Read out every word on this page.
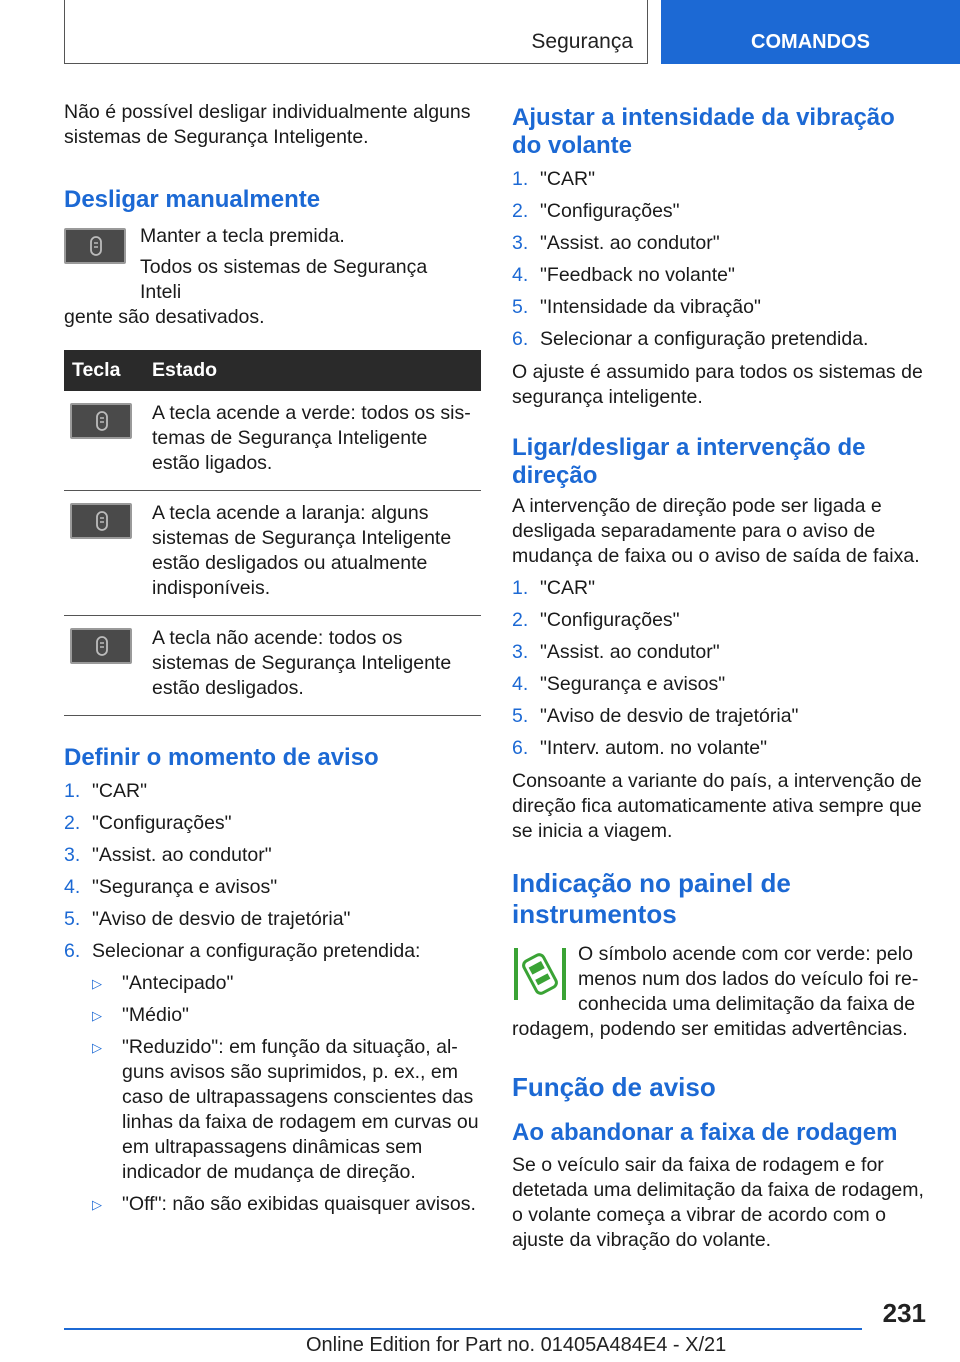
Segurança	COMANDOS

Não é possível desligar individualmente alguns sistemas de Segurança Inteligente.

Desligar manualmente

Manter a tecla premida.

Todos os sistemas de Segurança Inteli

gente são desativados.

Tecla	Estado

	A tecla acende a verde: todos os sistemas de Segurança Inteligente estão ligados.

	A tecla acende a laranja: alguns sistemas de Segurança Inteligente estão desligados ou atualmente indisponíveis.

	A tecla não acende: todos os sistemas de Segurança Inteligente estão desligados.
Definir o momento de aviso
1. "CAR"
2. "Configurações"
3. "Assist. ao condutor"
4. "Segurança e avisos"
5. "Aviso de desvio de trajetória"
6. Selecionar a configuração pretendida:
▷	"Antecipado"
▷	"Médio"
▷	"Reduzido": em função da situação, alguns avisos são suprimidos, p. ex., em caso de ultrapassagens conscientes das linhas da faixa de rodagem em curvas ou em ultrapassagens dinâmicas sem indicador de mudança de direção.
▷	"Off": não são exibidas quaisquer avisos.
Ajustar a intensidade da vibração do volante
1. "CAR"
2. "Configurações"
3. "Assist. ao condutor"
4. "Feedback no volante"
5. "Intensidade da vibração"
6. Selecionar a configuração pretendida.

O ajuste é assumido para todos os sistemas de segurança inteligente.

Ligar/desligar a intervenção de direção

A intervenção de direção pode ser ligada e desligada separadamente para o aviso de mudança de faixa ou o aviso de saída de faixa.

1. "CAR"
2. "Configurações"
3. "Assist. ao condutor"
4. "Segurança e avisos"
5. "Aviso de desvio de trajetória"
6. "Interv. autom. no volante"

Consoante a variante do país, a intervenção de direção fica automaticamente ativa sempre que se inicia a viagem.

Indicação no painel de instrumentos

O símbolo acende com cor verde: pelo menos num dos lados do veículo foi reconhecida uma delimitação da faixa de

rodagem, podendo ser emitidas advertências.

Função de aviso
Ao abandonar a faixa de rodagem

Se o veículo sair da faixa de rodagem e for detetada uma delimitação da faixa de rodagem, o volante começa a vibrar de acordo com o ajuste da vibração do volante.

231
Online Edition for Part no. 01405A484E4 - X/21
